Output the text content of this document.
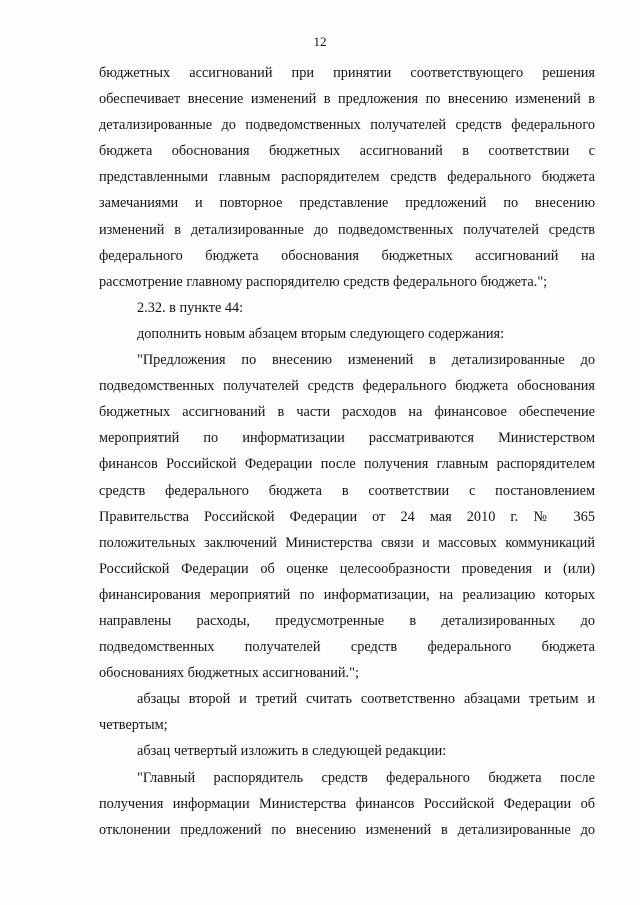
12
бюджетных ассигнований при принятии соответствующего решения
обеспечивает внесение изменений в предложения по внесению изменений в
детализированные до подведомственных получателей средств федерального
бюджета обоснования бюджетных ассигнований в соответствии с
представленными главным распорядителем средств федерального бюджета
замечаниями и повторное представление предложений по внесению
изменений в детализированные до подведомственных получателей средств
федерального бюджета обоснования бюджетных ассигнований на
рассмотрение главному распорядителю средств федерального бюджета.";
2.32. в пункте 44:
дополнить новым абзацем вторым следующего содержания:
"Предложения по внесению изменений в детализированные до
подведомственных получателей средств федерального бюджета обоснования
бюджетных ассигнований в части расходов на финансовое обеспечение
мероприятий по информатизации рассматриваются Министерством
финансов Российской Федерации после получения главным распорядителем
средств федерального бюджета в соответствии с постановлением
Правительства Российской Федерации от 24 мая 2010 г. № 365
положительных заключений Министерства связи и массовых коммуникаций
Российской Федерации об оценке целесообразности проведения и (или)
финансирования мероприятий по информатизации, на реализацию которых
направлены расходы, предусмотренные в детализированных до
подведомственных получателей средств федерального бюджета
обоснованиях бюджетных ассигнований.";
абзацы второй и третий считать соответственно абзацами третьим и
четвертым;
абзац четвертый изложить в следующей редакции:
"Главный распорядитель средств федерального бюджета после
получения информации Министерства финансов Российской Федерации об
отклонении предложений по внесению изменений в детализированные до
